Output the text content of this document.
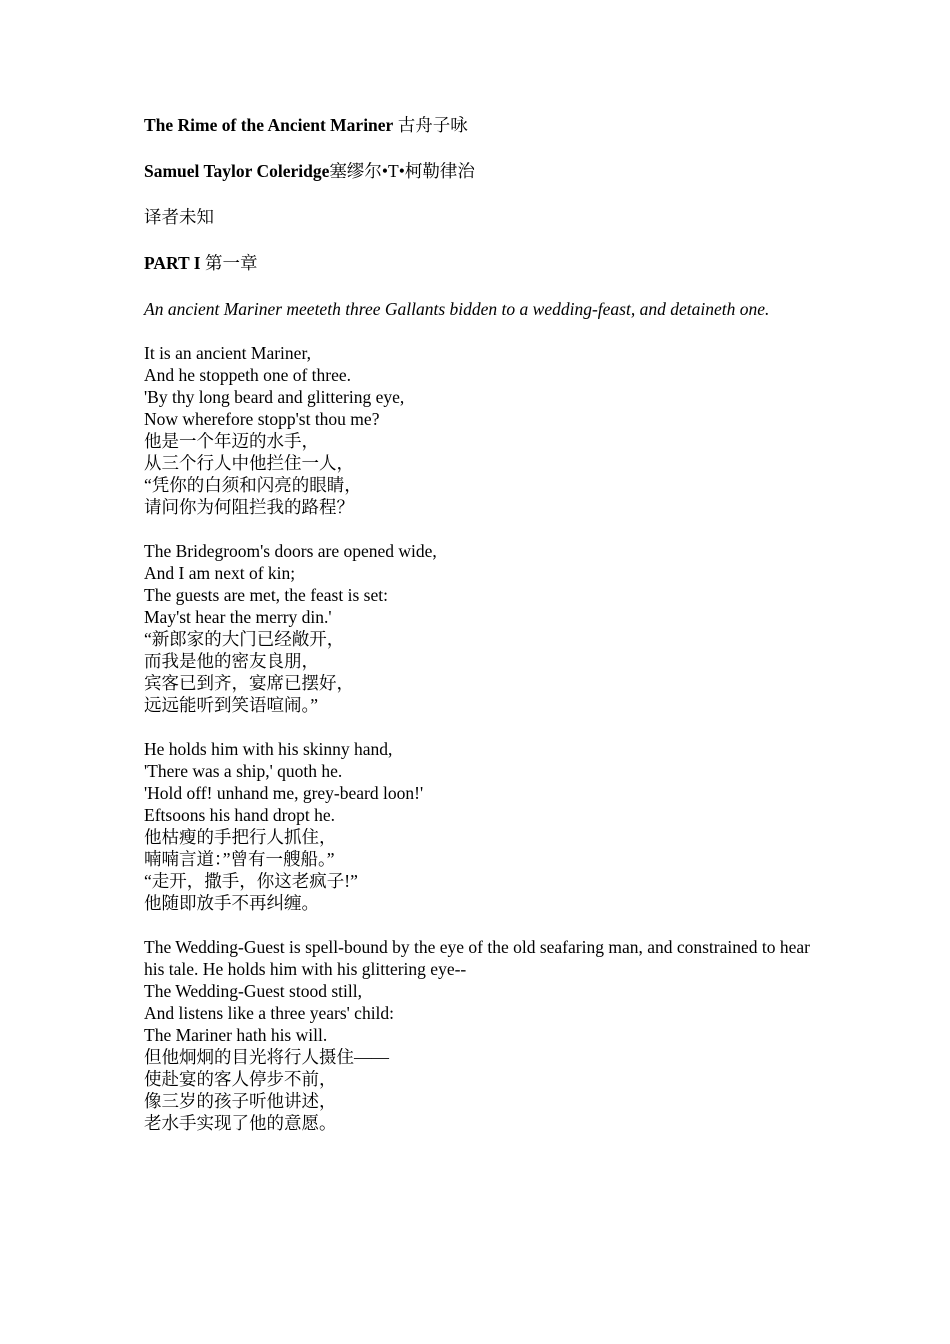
The Rime of the Ancient Mariner 古舟子咏
Samuel Taylor Coleridge塞缪尔•T•柯勒律治
译者未知
PART I 第一章
An ancient Mariner meeteth three Gallants bidden to a wedding-feast, and detaineth one.
It is an ancient Mariner,
And he stoppeth one of three.
'By thy long beard and glittering eye,
Now wherefore stopp'st thou me?
他是一个年迈的水手，
从三个行人中他拦住一人，
“凭你的白须和闪亮的眼睛，
请问你为何阻拦我的路程？
The Bridegroom's doors are opened wide,
And I am next of kin;
The guests are met, the feast is set:
May'st hear the merry din.'
“新郎家的大门已经敞开，
而我是他的密友良朋，
宾客已到齐，宴席已摆好，
远远能听到笑语喧闹。”
He holds him with his skinny hand,
'There was a ship,' quoth he.
'Hold off! unhand me, grey-beard loon!'
Eftsoons his hand dropt he.
他枯瘦的手把行人抓住，
喃喃言道：”曾有一艘船。”
“走开，撒手，你这老疯子!”
他随即放手不再纠缠。
The Wedding-Guest is spell-bound by the eye of the old seafaring man, and constrained to hear his tale. He holds him with his glittering eye--
The Wedding-Guest stood still,
And listens like a three years' child:
The Mariner hath his will.
但他炯炯的目光将行人摄住——
使赴宴的客人停步不前，
像三岁的孩子听他讲述，
老水手实现了他的意愿。
